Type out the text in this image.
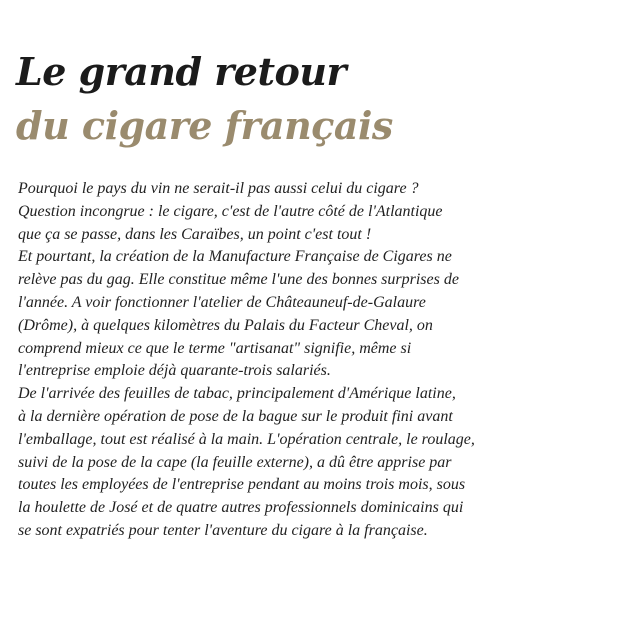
Le grand retour
du cigare français
Pourquoi le pays du vin ne serait-il pas aussi celui du cigare ?
Question incongrue : le cigare, c'est de l'autre côté de l'Atlantique
que ça se passe, dans les Caraïbes, un point c'est tout !
Et pourtant, la création de la Manufacture Française de Cigares ne
relève pas du gag. Elle constitue même l'une des bonnes surprises de
l'année. A voir fonctionner l'atelier de Châteauneuf-de-Galaure
(Drôme), à quelques kilomètres du Palais du Facteur Cheval, on
comprend mieux ce que le terme "artisanat" signifie, même si
l'entreprise emploie déjà quarante-trois salariés.
De l'arrivée des feuilles de tabac, principalement d'Amérique latine,
à la dernière opération de pose de la bague sur le produit fini avant
l'emballage, tout est réalisé à la main. L'opération centrale, le roulage,
suivi de la pose de la cape (la feuille externe), a dû être apprise par
toutes les employées de l'entreprise pendant au moins trois mois, sous
la houlette de José et de quatre autres professionnels dominicains qui
se sont expatriés pour tenter l'aventure du cigare à la française.
